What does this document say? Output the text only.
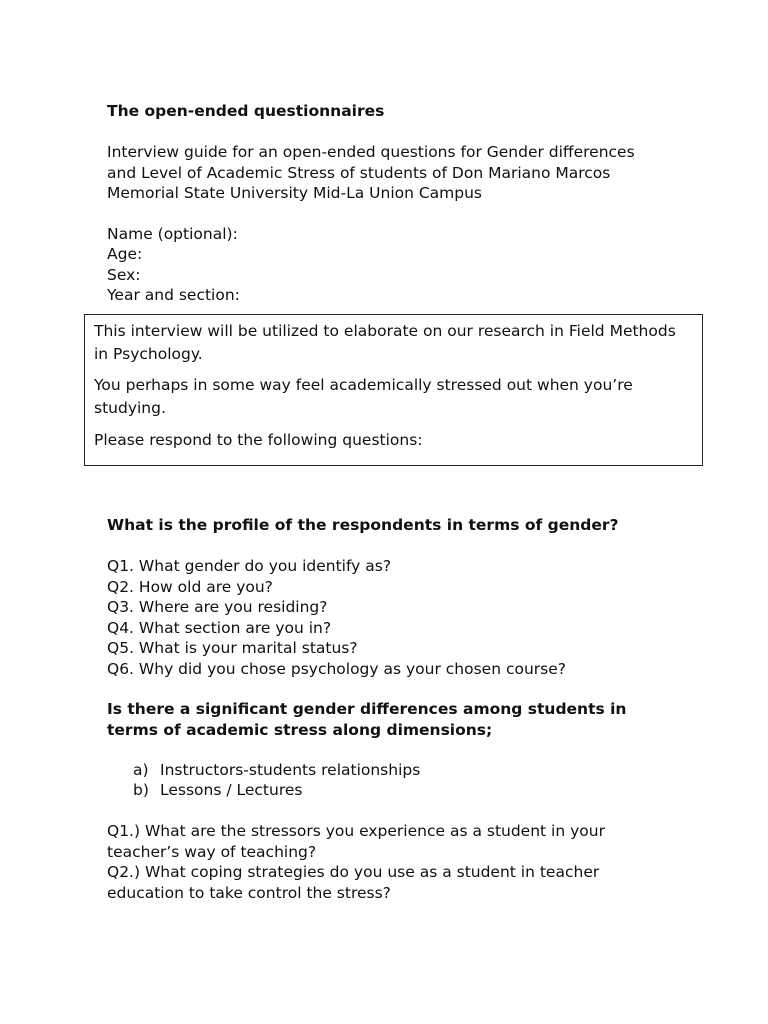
The open-ended questionnaires
Interview guide for an open-ended questions for Gender differences
and Level of Academic Stress of students of Don Mariano Marcos
Memorial State University Mid-La Union Campus
Name (optional):
Age:
Sex:
Year and section:

This interview will be utilized to elaborate on our research in Field Methods
in Psychology.

You perhaps in some way feel academically stressed out when you’re
studying.

Please respond to the following questions:

What is the profile of the respondents in terms of gender?
Q1. What gender do you identify as?
Q2. How old are you?
Q3. Where are you residing?
Q4. What section are you in?
Q5. What is your marital status?
Q6. Why did you chose psychology as your chosen course?
Is there a significant gender differences among students in
terms of academic stress along dimensions;
a) Instructors-students relationships
b) Lessons / Lectures
Q1.) What are the stressors you experience as a student in your
teacher’s way of teaching?
Q2.) What coping strategies do you use as a student in teacher
education to take control the stress?
